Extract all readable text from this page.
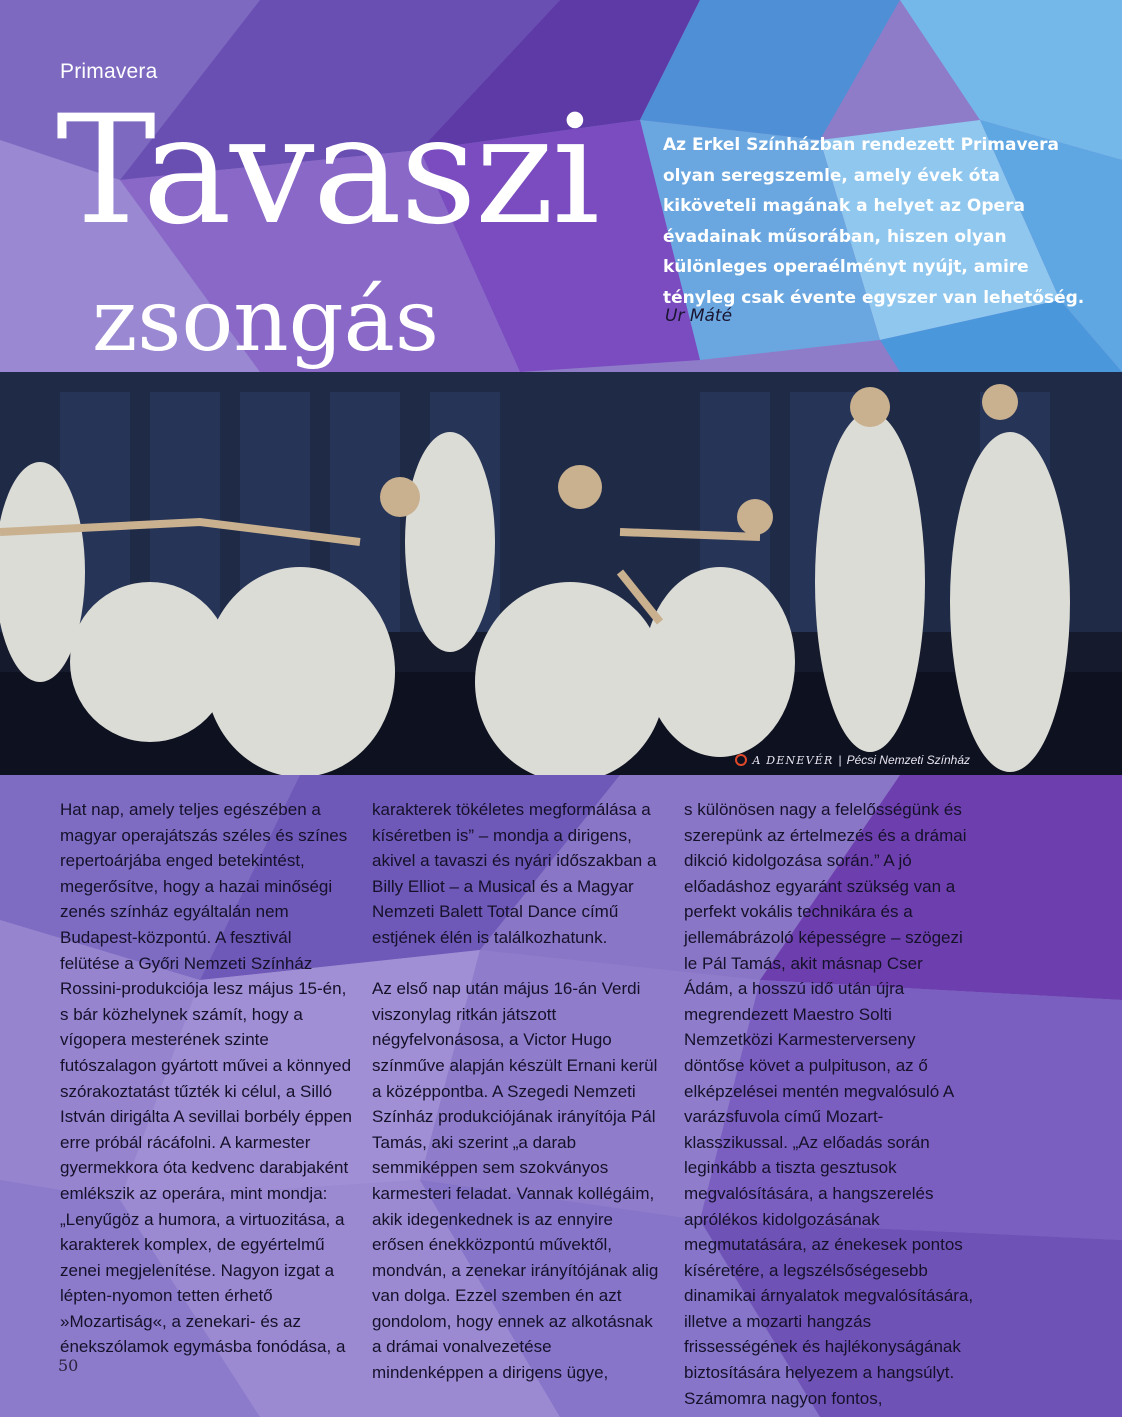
Primavera
Tavaszi
zsongás
Az Erkel Színházban rendezett Primavera olyan seregszemle, amely évek óta kiköveteli magának a helyet az Opera évadainak műsorában, hiszen olyan különleges operaélményt nyújt, amire tényleg csak évente egyszer van lehetőség.
Ur Máté
A DENEVÉR | Pécsi Nemzeti Színház

Hat nap, amely teljes egészében a magyar operajátszás széles és színes repertoárjába enged betekintést, megerősítve, hogy a hazai minőségi zenés színház egyáltalán nem Budapest-központú. A fesztivál felütése a Győri Nemzeti Színház Rossini-produkciója lesz május 15-én, s bár közhelynek számít, hogy a vígopera mesterének szinte futószalagon gyártott művei a könnyed szórakoztatást tűzték ki célul, a Silló István dirigálta A sevillai borbély éppen erre próbál rácáfolni. A karmester gyermekkora óta kedvenc darabjaként emlékszik az operára, mint mondja: „Lenyűgöz a humora, a virtuozitása, a karakterek komplex, de egyértelmű zenei megjelenítése. Nagyon izgat a lépten-nyomon tetten érhető »Mozartiság«, a zenekari- és az énekszólamok egymásba fonódása, a

karakterek tökéletes megformálása a kíséretben is” – mondja a dirigens, akivel a tavaszi és nyári időszakban a Billy Elliot – a Musical és a Magyar Nemzeti Balett Total Dance című estjének élén is találkozhatunk.

Az első nap után május 16-án Verdi viszonylag ritkán játszott négyfelvonásosa, a Victor Hugo színműve alapján készült Ernani kerül a középpontba. A Szegedi Nemzeti Színház produkciójának irányítója Pál Tamás, aki szerint „a darab semmiképpen sem szokványos karmesteri feladat. Vannak kollégáim, akik idegenkednek is az ennyire erősen énekközpontú művektől, mondván, a zenekar irányítójának alig van dolga. Ezzel szemben én azt gondolom, hogy ennek az alkotásnak a drámai vonalvezetése mindenképpen a dirigens ügye,

s különösen nagy a felelősségünk és szerepünk az értelmezés és a drámai dikció kidolgozása során.” A jó előadáshoz egyaránt szükség van a perfekt vokális technikára és a jellemábrázoló képességre – szögezi le Pál Tamás, akit másnap Cser Ádám, a hosszú idő után újra megrendezett Maestro Solti Nemzetközi Karmesterverseny döntőse követ a pulpituson, az ő elképzelései mentén megvalósuló A varázsfuvola című Mozart-klasszikussal. „Az előadás során leginkább a tiszta gesztusok megvalósítására, a hangszerelés aprólékos kidolgozásának megmutatására, az énekesek pontos kíséretére, a legszélsőségesebb dinamikai árnyalatok megvalósítására, illetve a mozarti hangzás frissességének és hajlékonyságának biztosítására helyezem a hangsúlyt. Számomra nagyon fontos,

50
